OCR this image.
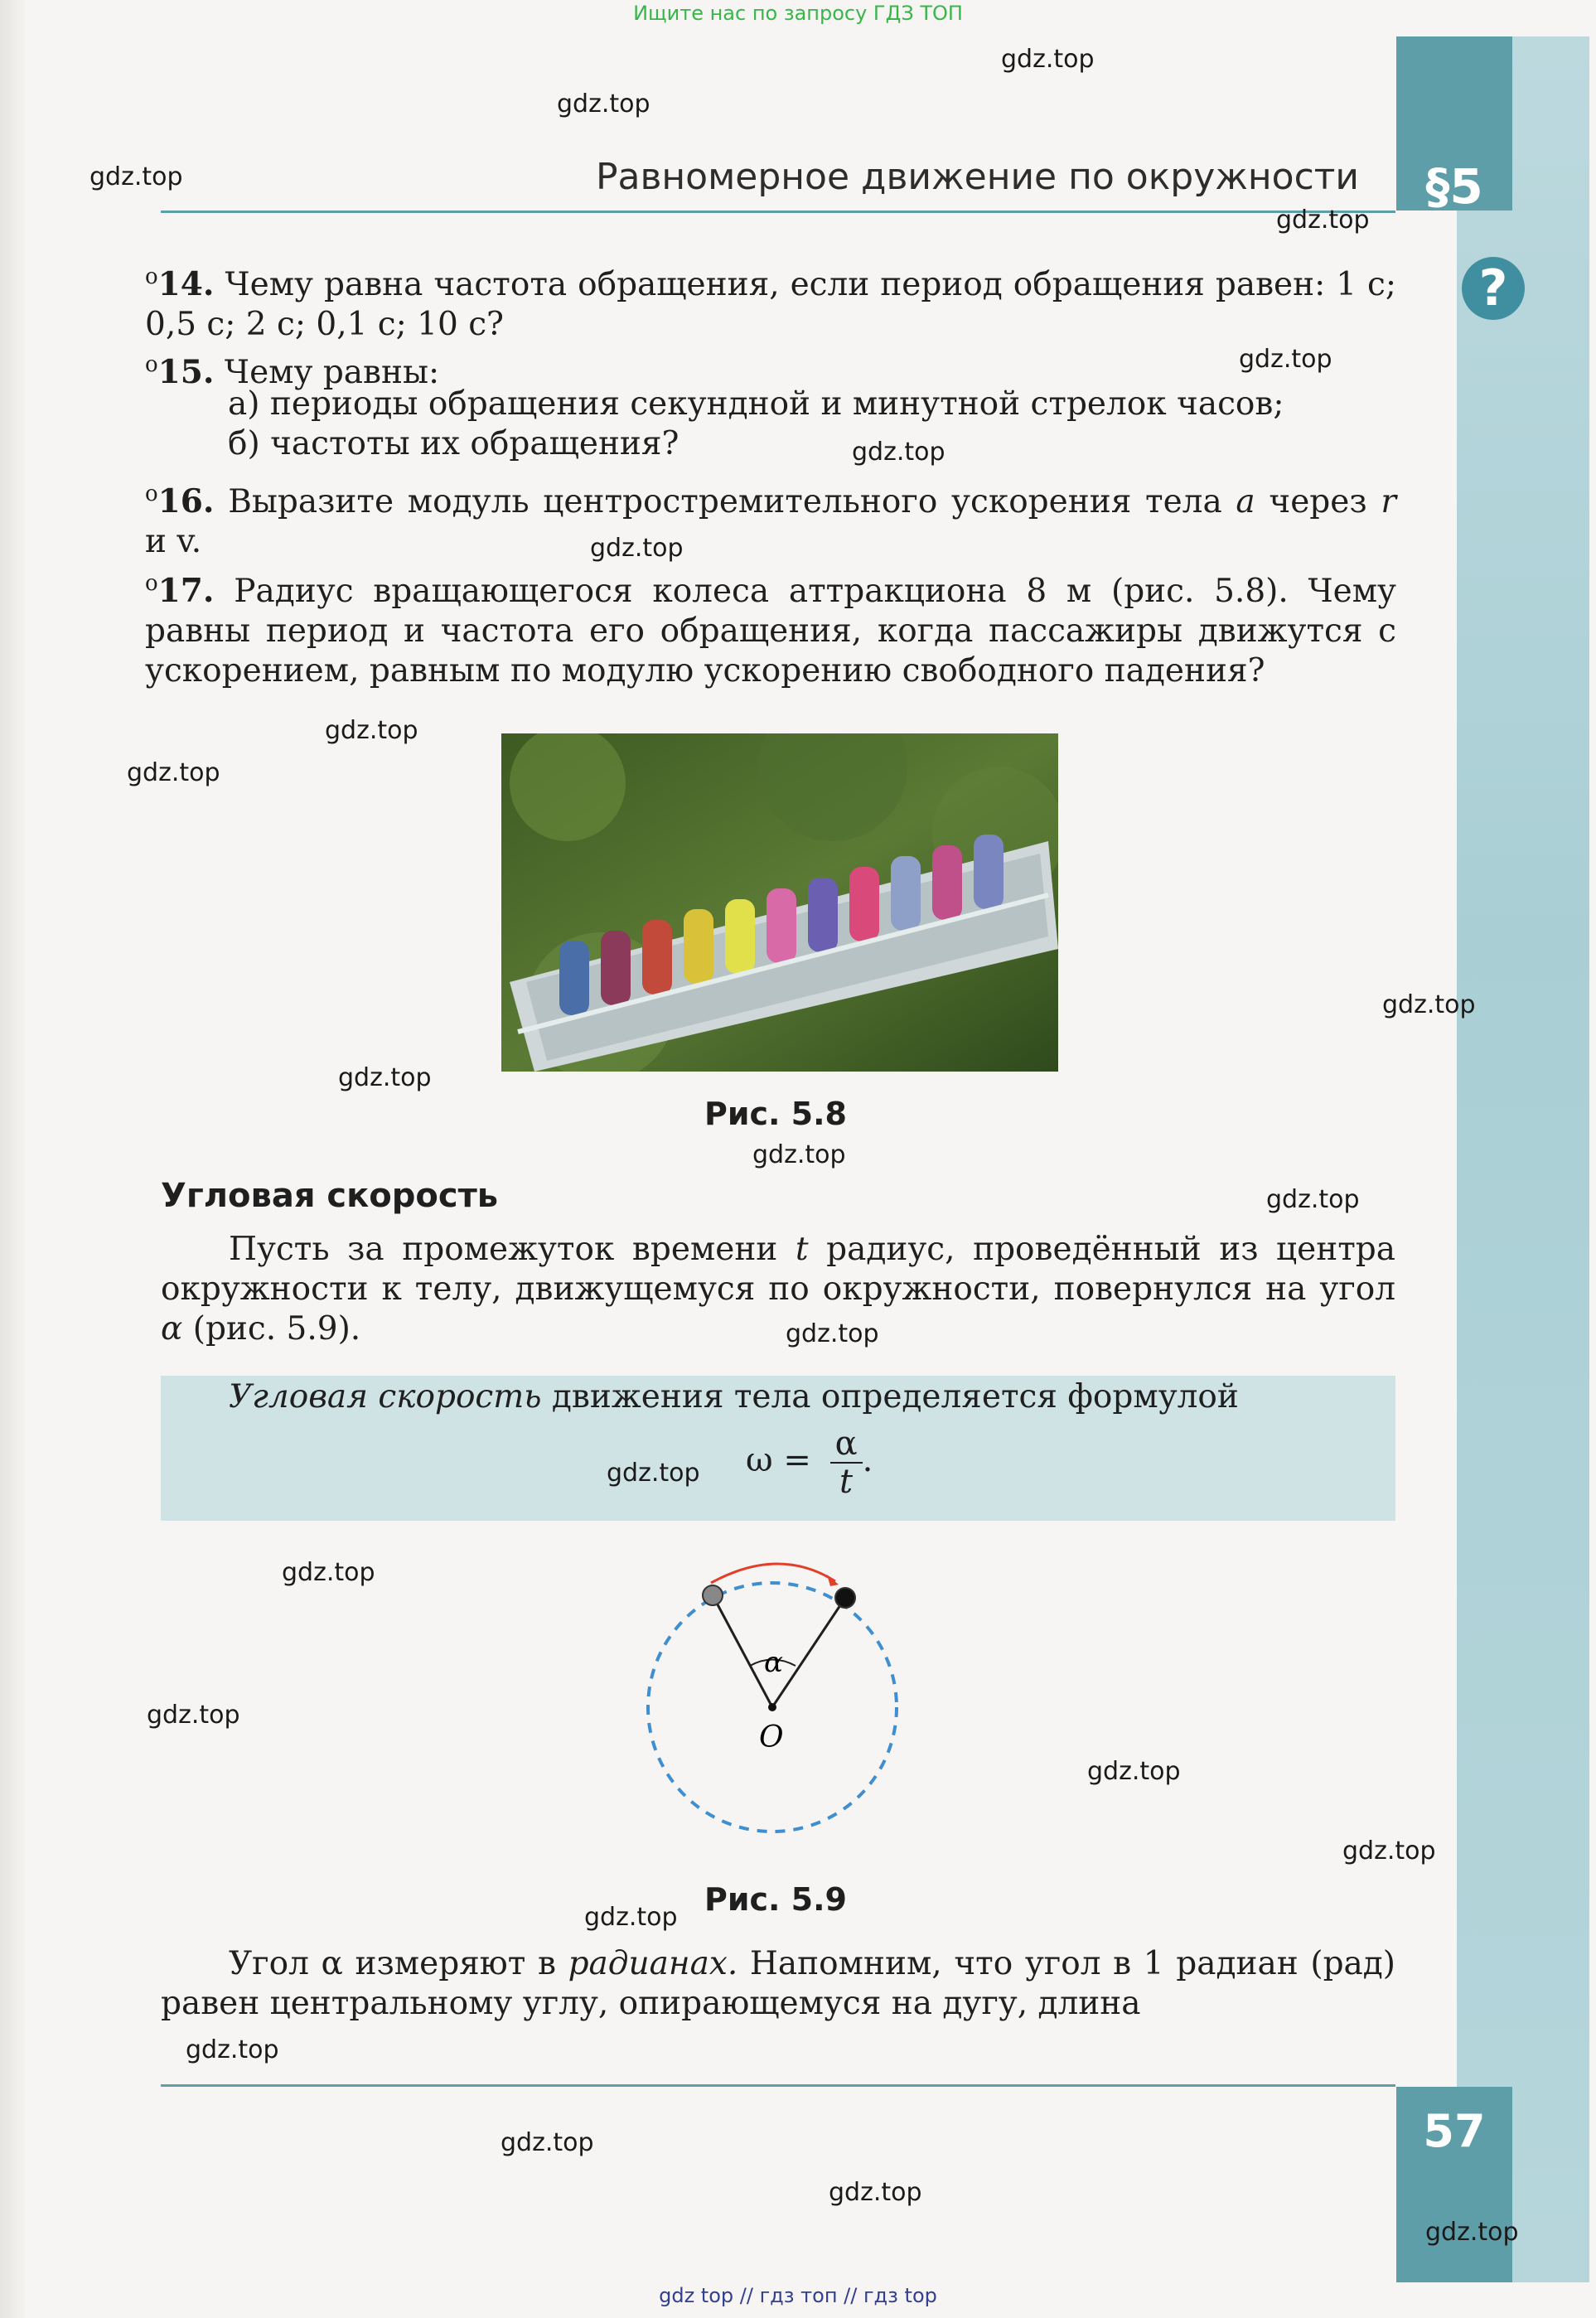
§5
57
?
Ищите нас по запросу ГДЗ ТОП
gdz top // гдз топ // гдз top
Равномерное движение по окружности
$^o$14. Чему равна частота обращения, если период обращения равен: 1 с; 0,5 с; 2 с; 0,1 с; 10 с?
$^o$15. Чему равны:
а) периоды обращения секундной и минутной стрелок часов;
б) частоты их обращения?
$^o$16. Выразите модуль центростремительного ускорения тела a через r и v.
$^o$17. Радиус вращающегося колеса аттракциона 8 м (рис. 5.8). Чему равны период и частота его обращения, когда пассажиры движутся с ускорением, равным по модулю ускорению свободного падения?
Рис. 5.8
Угловая скорость
Пусть за промежуток времени t радиус, проведённый из центра окружности к телу, движущемуся по окружности, повернулся на угол α (рис. 5.9).
Угловая скорость движения тела определяется формулой
$\omega = \frac{\alpha}{t}$ .
α
O
Рис. 5.9
Угол α измеряют в радианах. Напомним, что угол в 1 радиан (рад) равен центральному углу, опирающемуся на дугу, длина
gdz.top
gdz.top
gdz.top
gdz.top
gdz.top
gdz.top
gdz.top
gdz.top
gdz.top
gdz.top
gdz.top
gdz.top
gdz.top
gdz.top
gdz.top
gdz.top
gdz.top
gdz.top
gdz.top
gdz.top
gdz.top
gdz.top
gdz.top
gdz.top
